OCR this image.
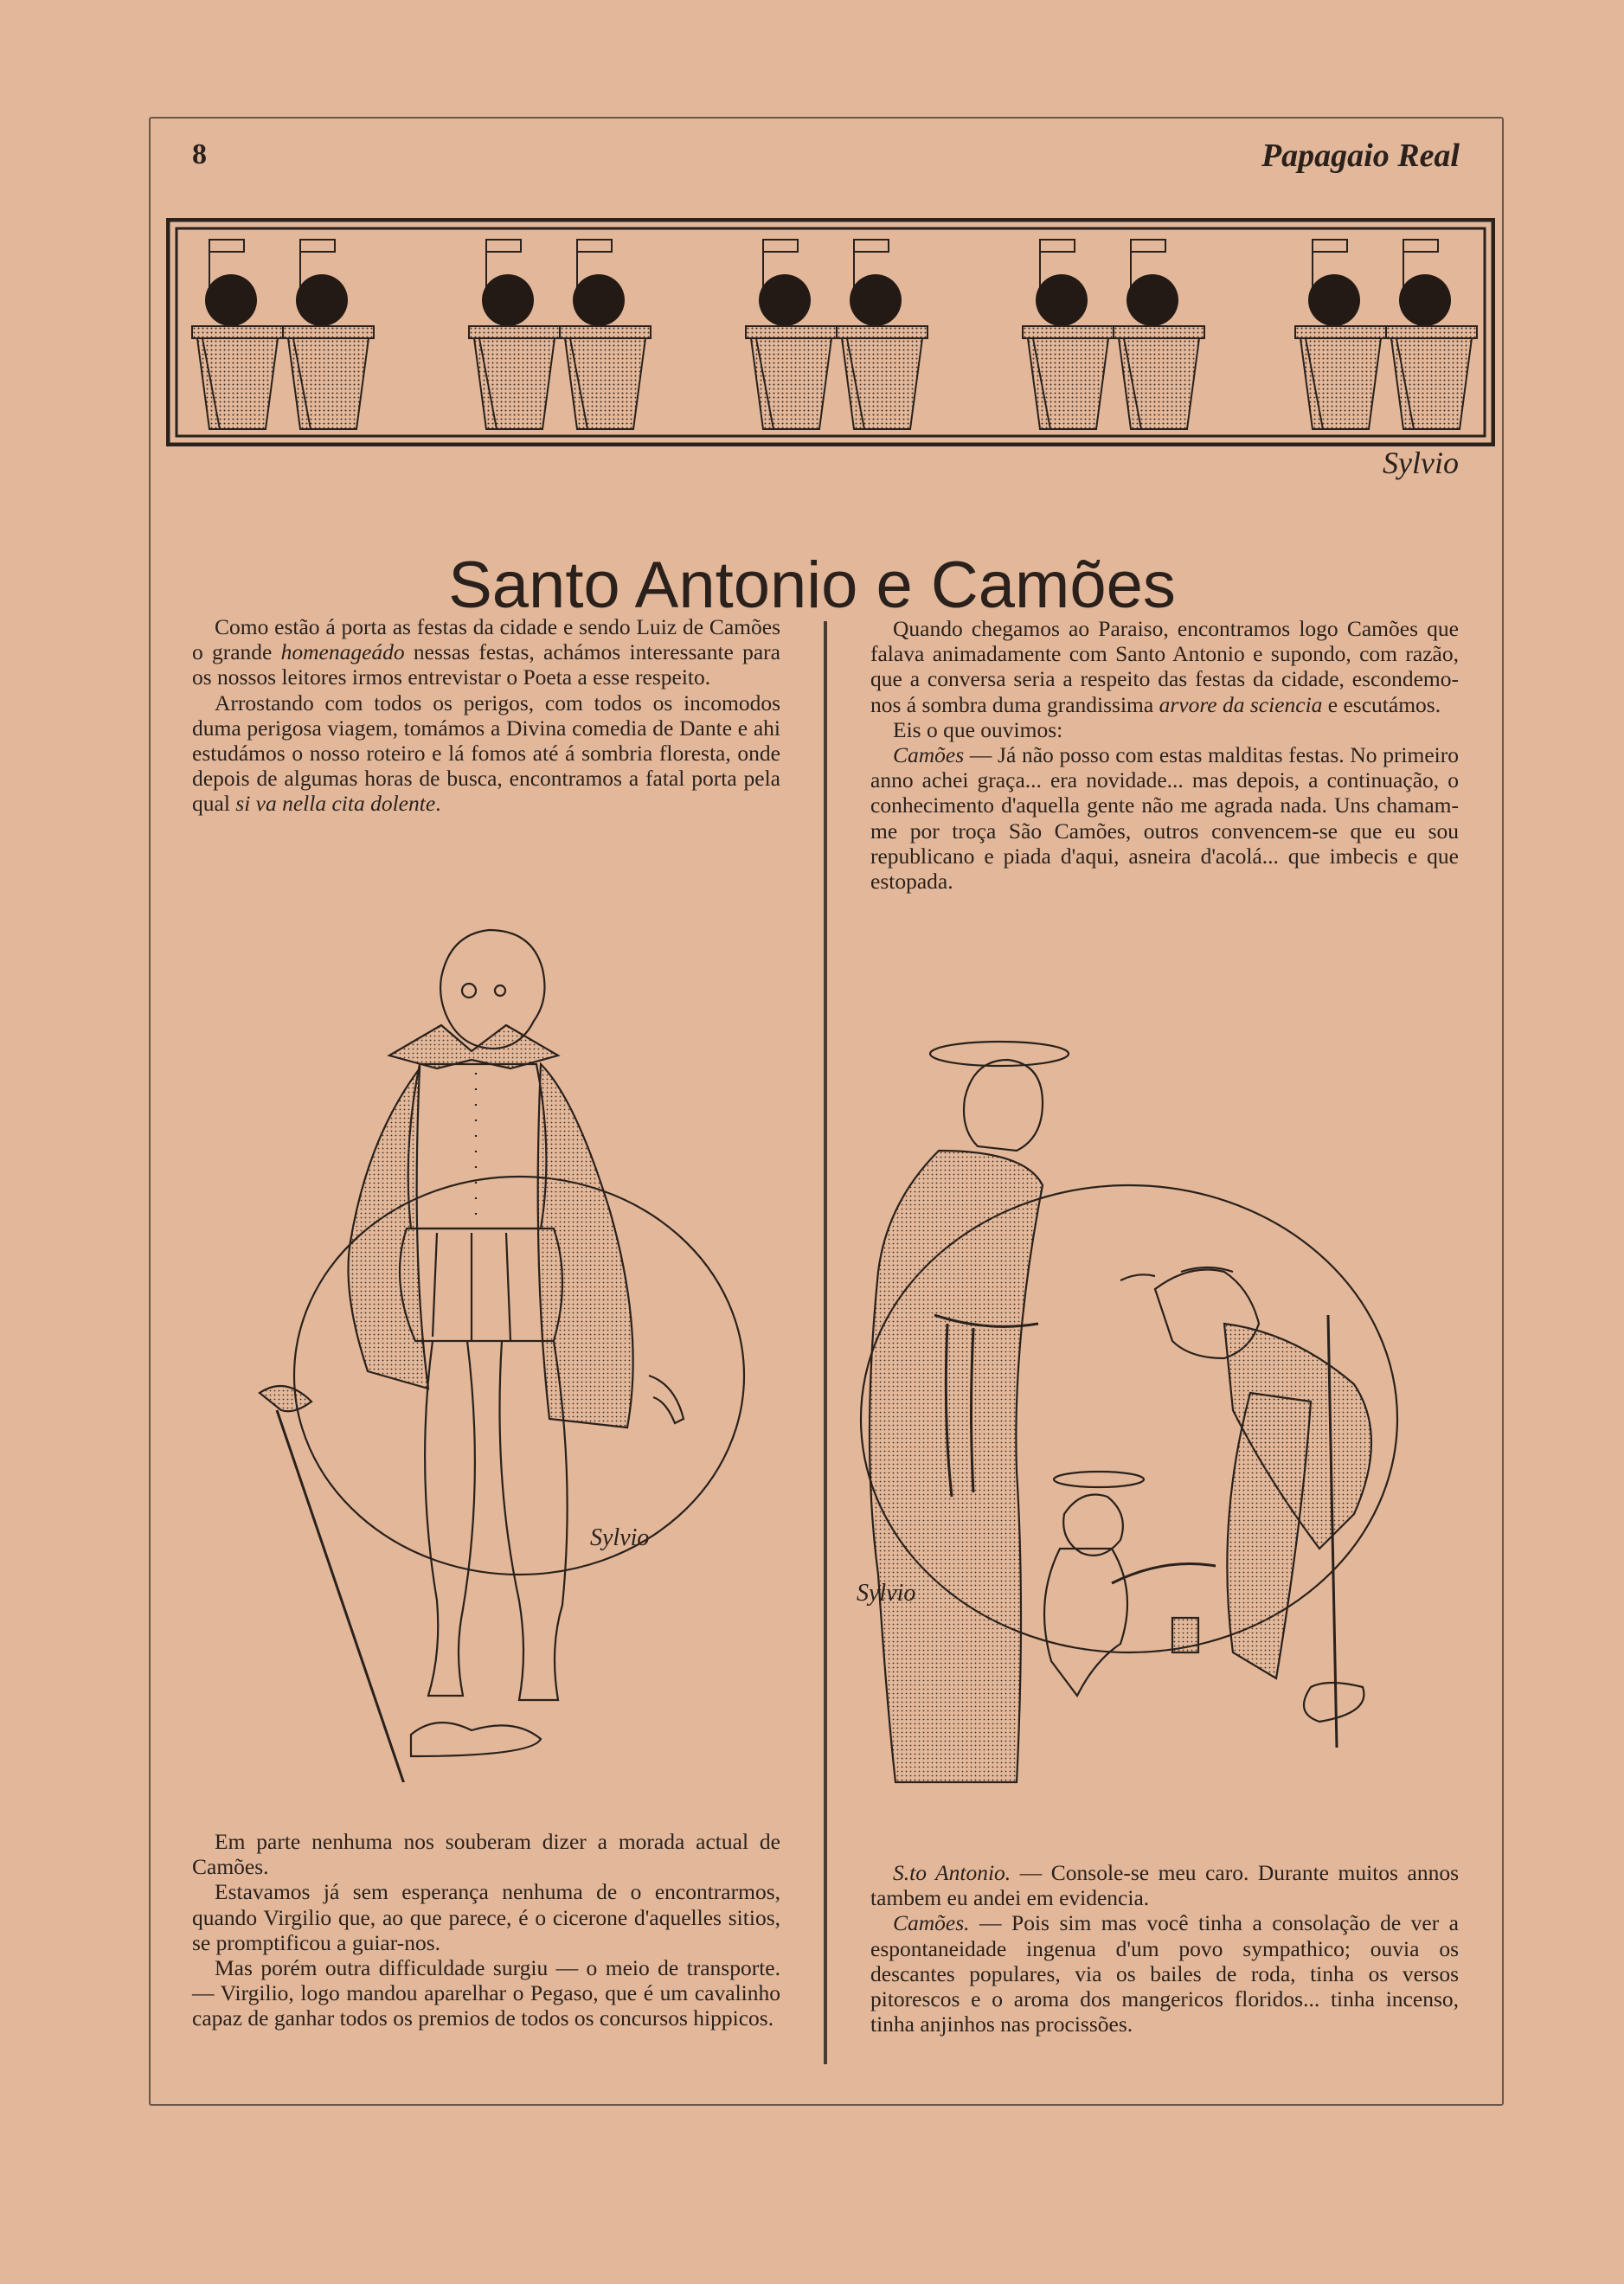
8	Papagaio Real
Sylvio
Santo Antonio e Camões

Como estão á porta as festas da cidade e sendo Luiz de Camões o grande homenageádo nessas festas, achámos interessante para os nossos leitores irmos entrevistar o Poeta a esse respeito.

Arrostando com todos os perigos, com todos os incomodos duma perigosa viagem, tomámos a Divina comedia de Dante e ahi estudámos o nosso roteiro e lá fomos até á sombria floresta, onde depois de algumas horas de busca, encontramos a fatal porta pela qual si va nella cita dolente.

Quando chegamos ao Paraiso, encontramos logo Camões que falava animadamente com Santo Antonio e supondo, com razão, que a conversa seria a respeito das festas da cidade, escondemo-nos á sombra duma grandissima arvore da sciencia e escutámos.

Eis o que ouvimos:

Camões — Já não posso com estas malditas festas. No primeiro anno achei graça... era novidade... mas depois, a continuação, o conhecimento d'aquella gente não me agrada nada. Uns chamam-me por troça São Camões, outros convencem-se que eu sou republicano e piada d'aqui, asneira d'acolá... que imbecis e que estopada.

Sylvio
Sylvio

Em parte nenhuma nos souberam dizer a morada actual de Camões.

Estavamos já sem esperança nenhuma de o encontrarmos, quando Virgilio que, ao que parece, é o cicerone d'aquelles sitios, se promptificou a guiar-nos.

Mas porém outra difficuldade surgiu — o meio de transporte. — Virgilio, logo mandou aparelhar o Pegaso, que é um cavalinho capaz de ganhar todos os premios de todos os concursos hippicos.

S.to Antonio. — Console-se meu caro. Durante muitos annos tambem eu andei em evidencia.

Camões. — Pois sim mas você tinha a consolação de ver a espontaneidade ingenua d'um povo sympathico; ouvia os descantes populares, via os bailes de roda, tinha os versos pitorescos e o aroma dos mangericos floridos... tinha incenso, tinha anjinhos nas procissões.
